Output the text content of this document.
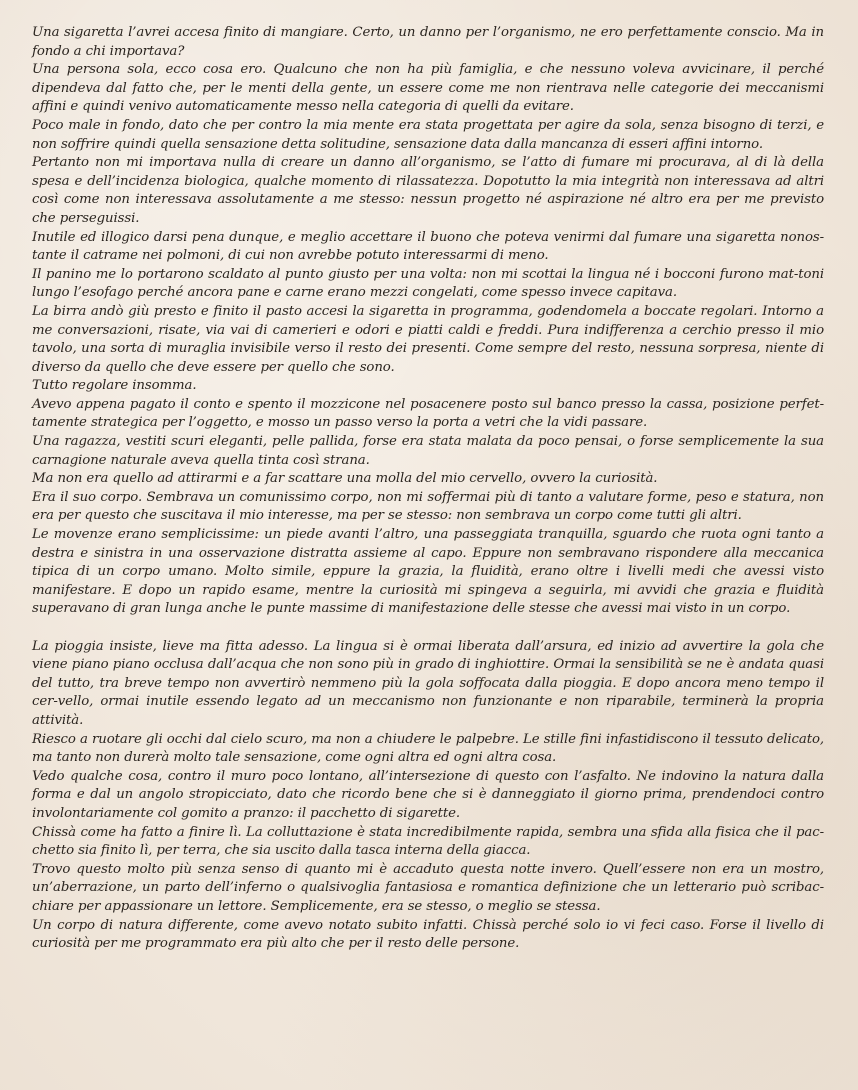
Una sigaretta l’avrei accesa finito di mangiare. Certo, un danno per l’organismo, ne ero perfettamente conscio. Ma in fondo a chi importava?

Una persona sola, ecco cosa ero. Qualcuno che non ha più famiglia, e che nessuno voleva avvicinare, il perché dipendeva dal fatto che, per le menti della gente, un essere come me non rientrava nelle categorie dei meccanismi affini e quindi venivo automaticamente messo nella categoria di quelli da evitare.

Poco male in fondo, dato che per contro la mia mente era stata progettata per agire da sola, senza bisogno di terzi, e non soffrire quindi quella sensazione detta solitudine, sensazione data dalla mancanza di esseri affini intorno.

Pertanto non mi importava nulla di creare un danno all’organismo, se l’atto di fumare mi procurava, al di là della spesa e dell’incidenza biologica, qualche momento di rilassatezza. Dopotutto la mia integrità non interessava ad altri così come non interessava assolutamente a me stesso: nessun progetto né aspirazione né altro era per me previsto che perseguissi.

Inutile ed illogico darsi pena dunque, e meglio accettare il buono che poteva venirmi dal fumare una sigaretta nonos-tante il catrame nei polmoni, di cui non avrebbe potuto interessarmi di meno.

Il panino me lo portarono scaldato al punto giusto per una volta: non mi scottai la lingua né i bocconi furono mat-toni lungo l’esofago perché ancora pane e carne erano mezzi congelati, come spesso invece capitava.

La birra andò giù presto e finito il pasto accesi la sigaretta in programma, godendomela a boccate regolari. Intorno a me conversazioni, risate, via vai di camerieri e odori e piatti caldi e freddi. Pura indifferenza a cerchio presso il mio tavolo, una sorta di muraglia invisibile verso il resto dei presenti. Come sempre del resto, nessuna sorpresa, niente di diverso da quello che deve essere per quello che sono.

Tutto regolare insomma.

Avevo appena pagato il conto e spento il mozzicone nel posacenere posto sul banco presso la cassa, posizione perfet-tamente strategica per l’oggetto, e mosso un passo verso la porta a vetri che la vidi passare.

Una ragazza, vestiti scuri eleganti, pelle pallida, forse era stata malata da poco pensai, o forse semplicemente la sua carnagione naturale aveva quella tinta così strana.

Ma non era quello ad attirarmi e a far scattare una molla del mio cervello, ovvero la curiosità.

Era il suo corpo. Sembrava un comunissimo corpo, non mi soffermai più di tanto a valutare forme, peso e statura, non era per questo che suscitava il mio interesse, ma per se stesso: non sembrava un corpo come tutti gli altri.

Le movenze erano semplicissime: un piede avanti l’altro, una passeggiata tranquilla, sguardo che ruota ogni tanto a destra e sinistra in una osservazione distratta assieme al capo. Eppure non sembravano rispondere alla meccanica tipica di un corpo umano. Molto simile, eppure la grazia, la fluidità, erano oltre i livelli medi che avessi visto manifestare. E dopo un rapido esame, mentre la curiosità mi spingeva a seguirla, mi avvidi che grazia e fluidità superavano di gran lunga anche le punte massime di manifestazione delle stesse che avessi mai visto in un corpo.

La pioggia insiste, lieve ma fitta adesso. La lingua si è ormai liberata dall’arsura, ed inizio ad avvertire la gola che viene piano piano occlusa dall’acqua che non sono più in grado di inghiottire. Ormai la sensibilità se ne è andata quasi del tutto, tra breve tempo non avvertirò nemmeno più la gola soffocata dalla pioggia. E dopo ancora meno tempo il cer-vello, ormai inutile essendo legato ad un meccanismo non funzionante e non riparabile, terminerà la propria attività.

Riesco a ruotare gli occhi dal cielo scuro, ma non a chiudere le palpebre. Le stille fini infastidiscono il tessuto delicato, ma tanto non durerà molto tale sensazione, come ogni altra ed ogni altra cosa.

Vedo qualche cosa, contro il muro poco lontano, all’intersezione di questo con l’asfalto. Ne indovino la natura dalla forma e dal un angolo stropicciato, dato che ricordo bene che si è danneggiato il giorno prima, prendendoci contro involontariamente col gomito a pranzo: il pacchetto di sigarette.

Chissà come ha fatto a finire lì. La colluttazione è stata incredibilmente rapida, sembra una sfida alla fisica che il pac-chetto sia finito lì, per terra, che sia uscito dalla tasca interna della giacca.

Trovo questo molto più senza senso di quanto mi è accaduto questa notte invero. Quell’essere non era un mostro, un’aberrazione, un parto dell’inferno o qualsivoglia fantasiosa e romantica definizione che un letterario può scribac-chiare per appassionare un lettore. Semplicemente, era se stesso, o meglio se stessa.

Un corpo di natura differente, come avevo notato subito infatti. Chissà perché solo io vi feci caso. Forse il livello di curiosità per me programmato era più alto che per il resto delle persone.
